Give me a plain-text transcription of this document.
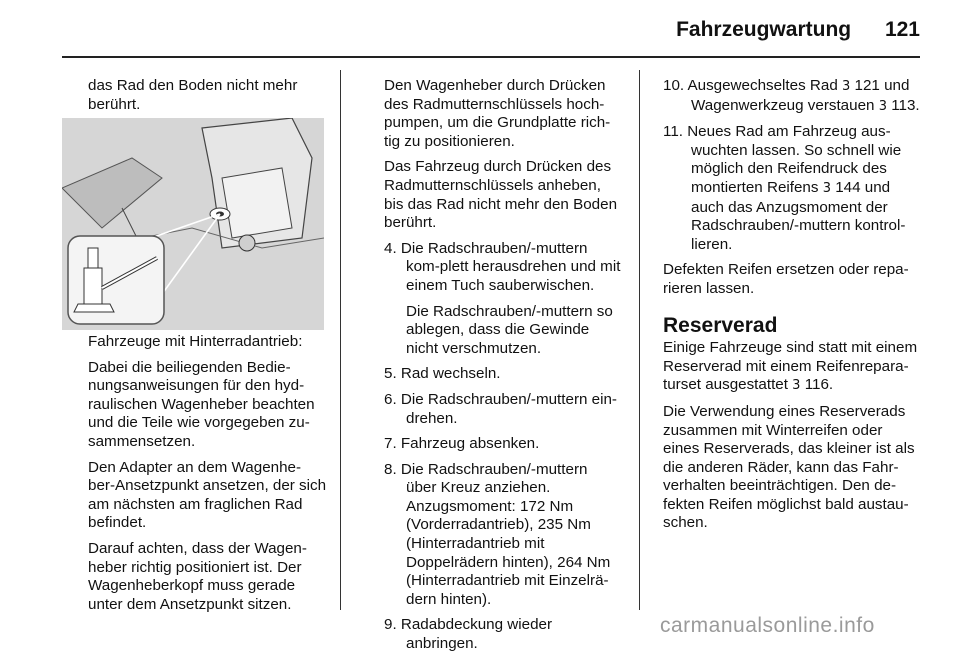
Fahrzeugwartung 121

das Rad den Boden nicht mehr berührt.

Fahrzeuge mit Hinterradantrieb:

Dabei die beiliegenden Bedie-nungsanweisungen für den hyd-raulischen Wagenheber beachten und die Teile wie vorgegeben zu-sammensetzen.

Den Adapter an dem Wagenhe-ber-Ansetzpunkt ansetzen, der sich am nächsten am fraglichen Rad befindet.

Darauf achten, dass der Wagen-heber richtig positioniert ist. Der Wagenheberkopf muss gerade unter dem Ansetzpunkt sitzen.

Den Wagenheber durch Drücken des Radmutternschlüssels hoch-pumpen, um die Grundplatte rich-tig zu positionieren.

Das Fahrzeug durch Drücken des Radmutternschlüssels anheben, bis das Rad nicht mehr den Boden berührt.

4. Die Radschrauben/-muttern kom-plett herausdrehen und mit einem Tuch sauberwischen.
Die Radschrauben/-muttern so ablegen, dass die Gewinde nicht verschmutzen.
5. Rad wechseln.
6. Die Radschrauben/-muttern ein-drehen.
7. Fahrzeug absenken.
8. Die Radschrauben/-muttern über Kreuz anziehen. Anzugsmoment: 172 Nm (Vorderradantrieb), 235 Nm (Hinterradantrieb mit Doppelrädern hinten), 264 Nm (Hinterradantrieb mit Einzelrä-dern hinten).
9. Radabdeckung wieder anbringen.
10. Ausgewechseltes Rad 3 121 und Wagenwerkzeug verstauen 3 113.
11. Neues Rad am Fahrzeug aus-wuchten lassen. So schnell wie möglich den Reifendruck des montierten Reifens 3 144 und auch das Anzugsmoment der Radschrauben/-muttern kontrol-lieren.

Defekten Reifen ersetzen oder repa-rieren lassen.

Reserverad

Einige Fahrzeuge sind statt mit einem Reserverad mit einem Reifenrepara-turset ausgestattet 3 116.

Die Verwendung eines Reserverads zusammen mit Winterreifen oder eines Reserverads, das kleiner ist als die anderen Räder, kann das Fahr-verhalten beeinträchtigen. Den de-fekten Reifen möglichst bald austau-schen.

carmanualsonline.info
